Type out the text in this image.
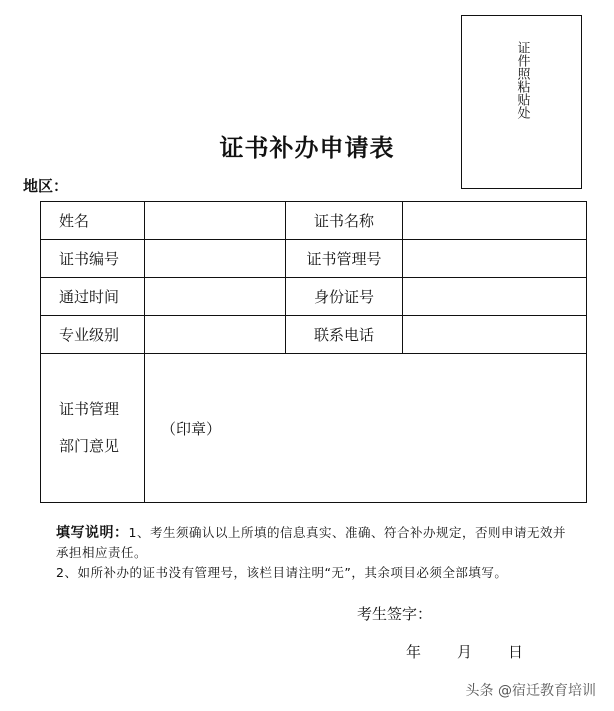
证件照粘贴处
证书补办申请表
地区：
姓名		证书名称	
证书编号		证书管理号	
通过时间		身份证号	
专业级别		联系电话	

证书管理
部门意见	（印章）		
填写说明：1、考生须确认以上所填的信息真实、准确、符合补办规定，否则申请无效并承担相应责任。
2、如所补办的证书没有管理号，该栏目请注明“无”，其余项目必须全部填写。
考生签字：
年 月 日
头条 @宿迁教育培训
